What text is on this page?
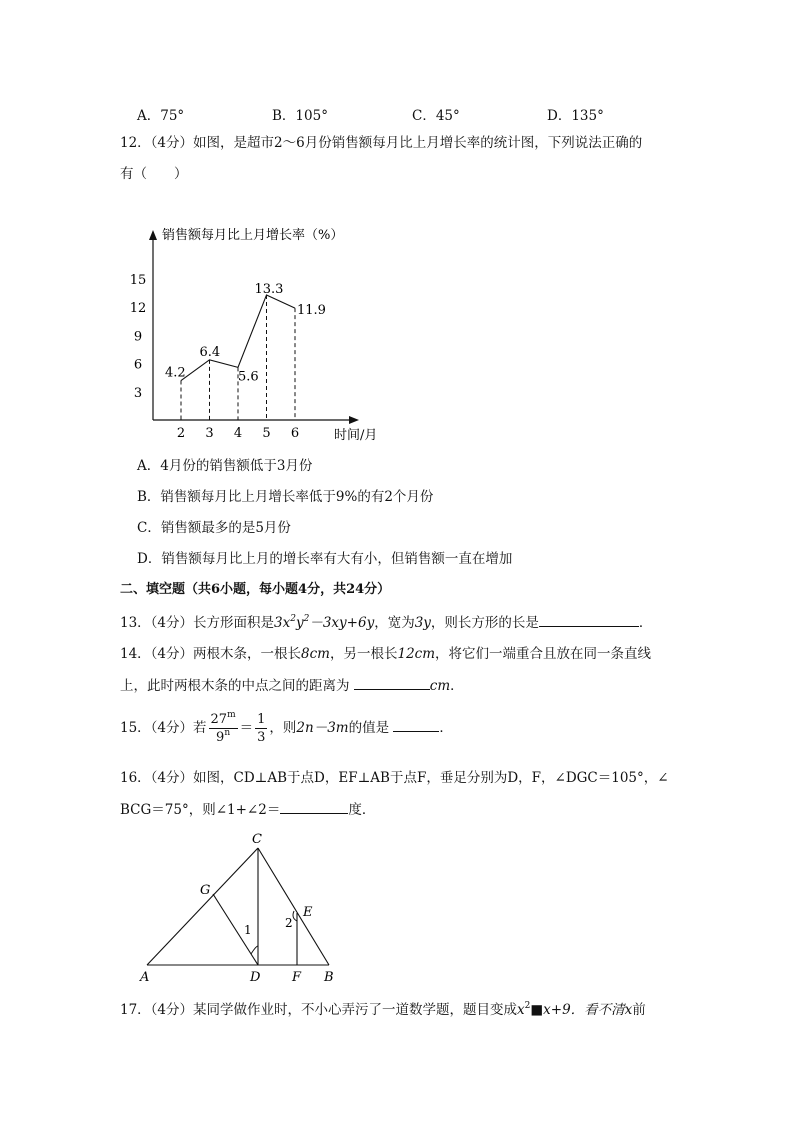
A．75°	B．105°	C．45°	D．135°
12．（4分）如图，是超市2～6月份销售额每月比上月增长率的统计图，下列说法正确的
有（　　）
销售额每月比上月增长率（%）
3
6
9
12
15
2 3 4 5 6
4.2
6.4
5.6
13.3
11.9
时间/月
A．4月份的销售额低于3月份
B．销售额每月比上月增长率低于9%的有2个月份
C．销售额最多的是5月份
D．销售额每月比上月的增长率有大有小，但销售额一直在增加
二、填空题（共6小题，每小题4分，共24分）
13．（4分）长方形面积是$3x^2y^2-3xy+6y$，宽为3y，则长方形的长是	．
14．（4分）两根木条，一根长8cm，另一根长12cm，将它们一端重合且放在同一条直线
上，此时两根木条的中点之间的距离为	cm．
15．（4分）若 $\frac{27^m}{9^n} = \frac{1}{3}$ ，则2n－3m的值是	．
16．（4分）如图，CD⊥AB于点D，EF⊥AB于点F，垂足分别为D，F，∠DGC＝105°，∠
BCG＝75°，则∠1+∠2＝	度．
C
G
E
A	D F B
1	2
17．（4分）某同学做作业时，不小心弄污了一道数学题，题目变成$x^2■x+9$．看不清x前
